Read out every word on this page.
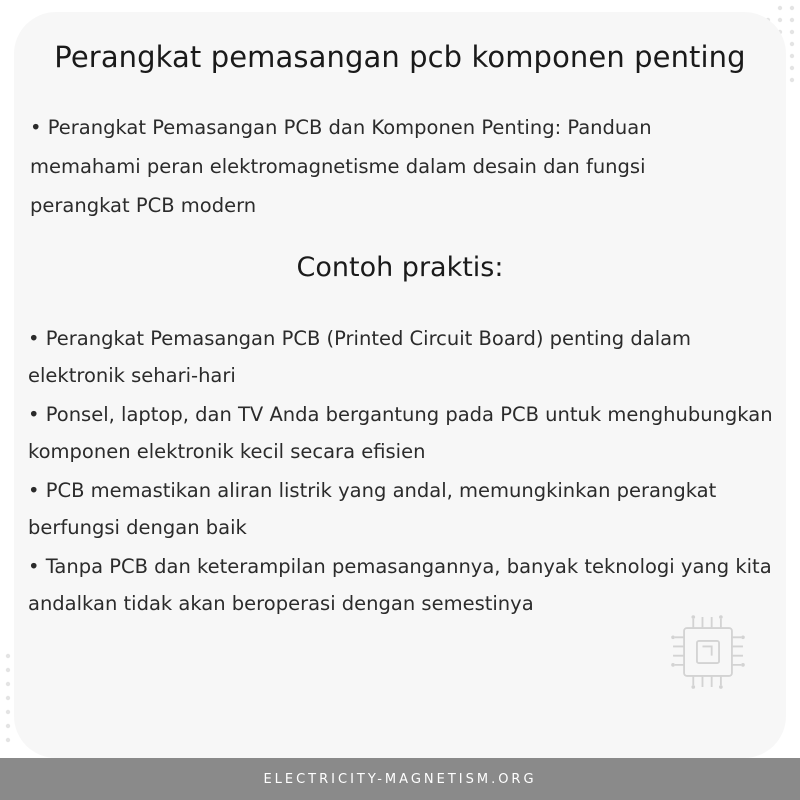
Perangkat pemasangan pcb komponen penting
• Perangkat Pemasangan PCB dan Komponen Penting: Panduan memahami peran elektromagnetisme dalam desain dan fungsi perangkat PCB modern
Contoh praktis:

• Perangkat Pemasangan PCB (Printed Circuit Board) penting dalam elektronik sehari-hari

• Ponsel, laptop, dan TV Anda bergantung pada PCB untuk menghubungkan komponen elektronik kecil secara efisien

• PCB memastikan aliran listrik yang andal, memungkinkan perangkat berfungsi dengan baik

• Tanpa PCB dan keterampilan pemasangannya, banyak teknologi yang kita andalkan tidak akan beroperasi dengan semestinya

ELECTRICITY-MAGNETISM.ORG
